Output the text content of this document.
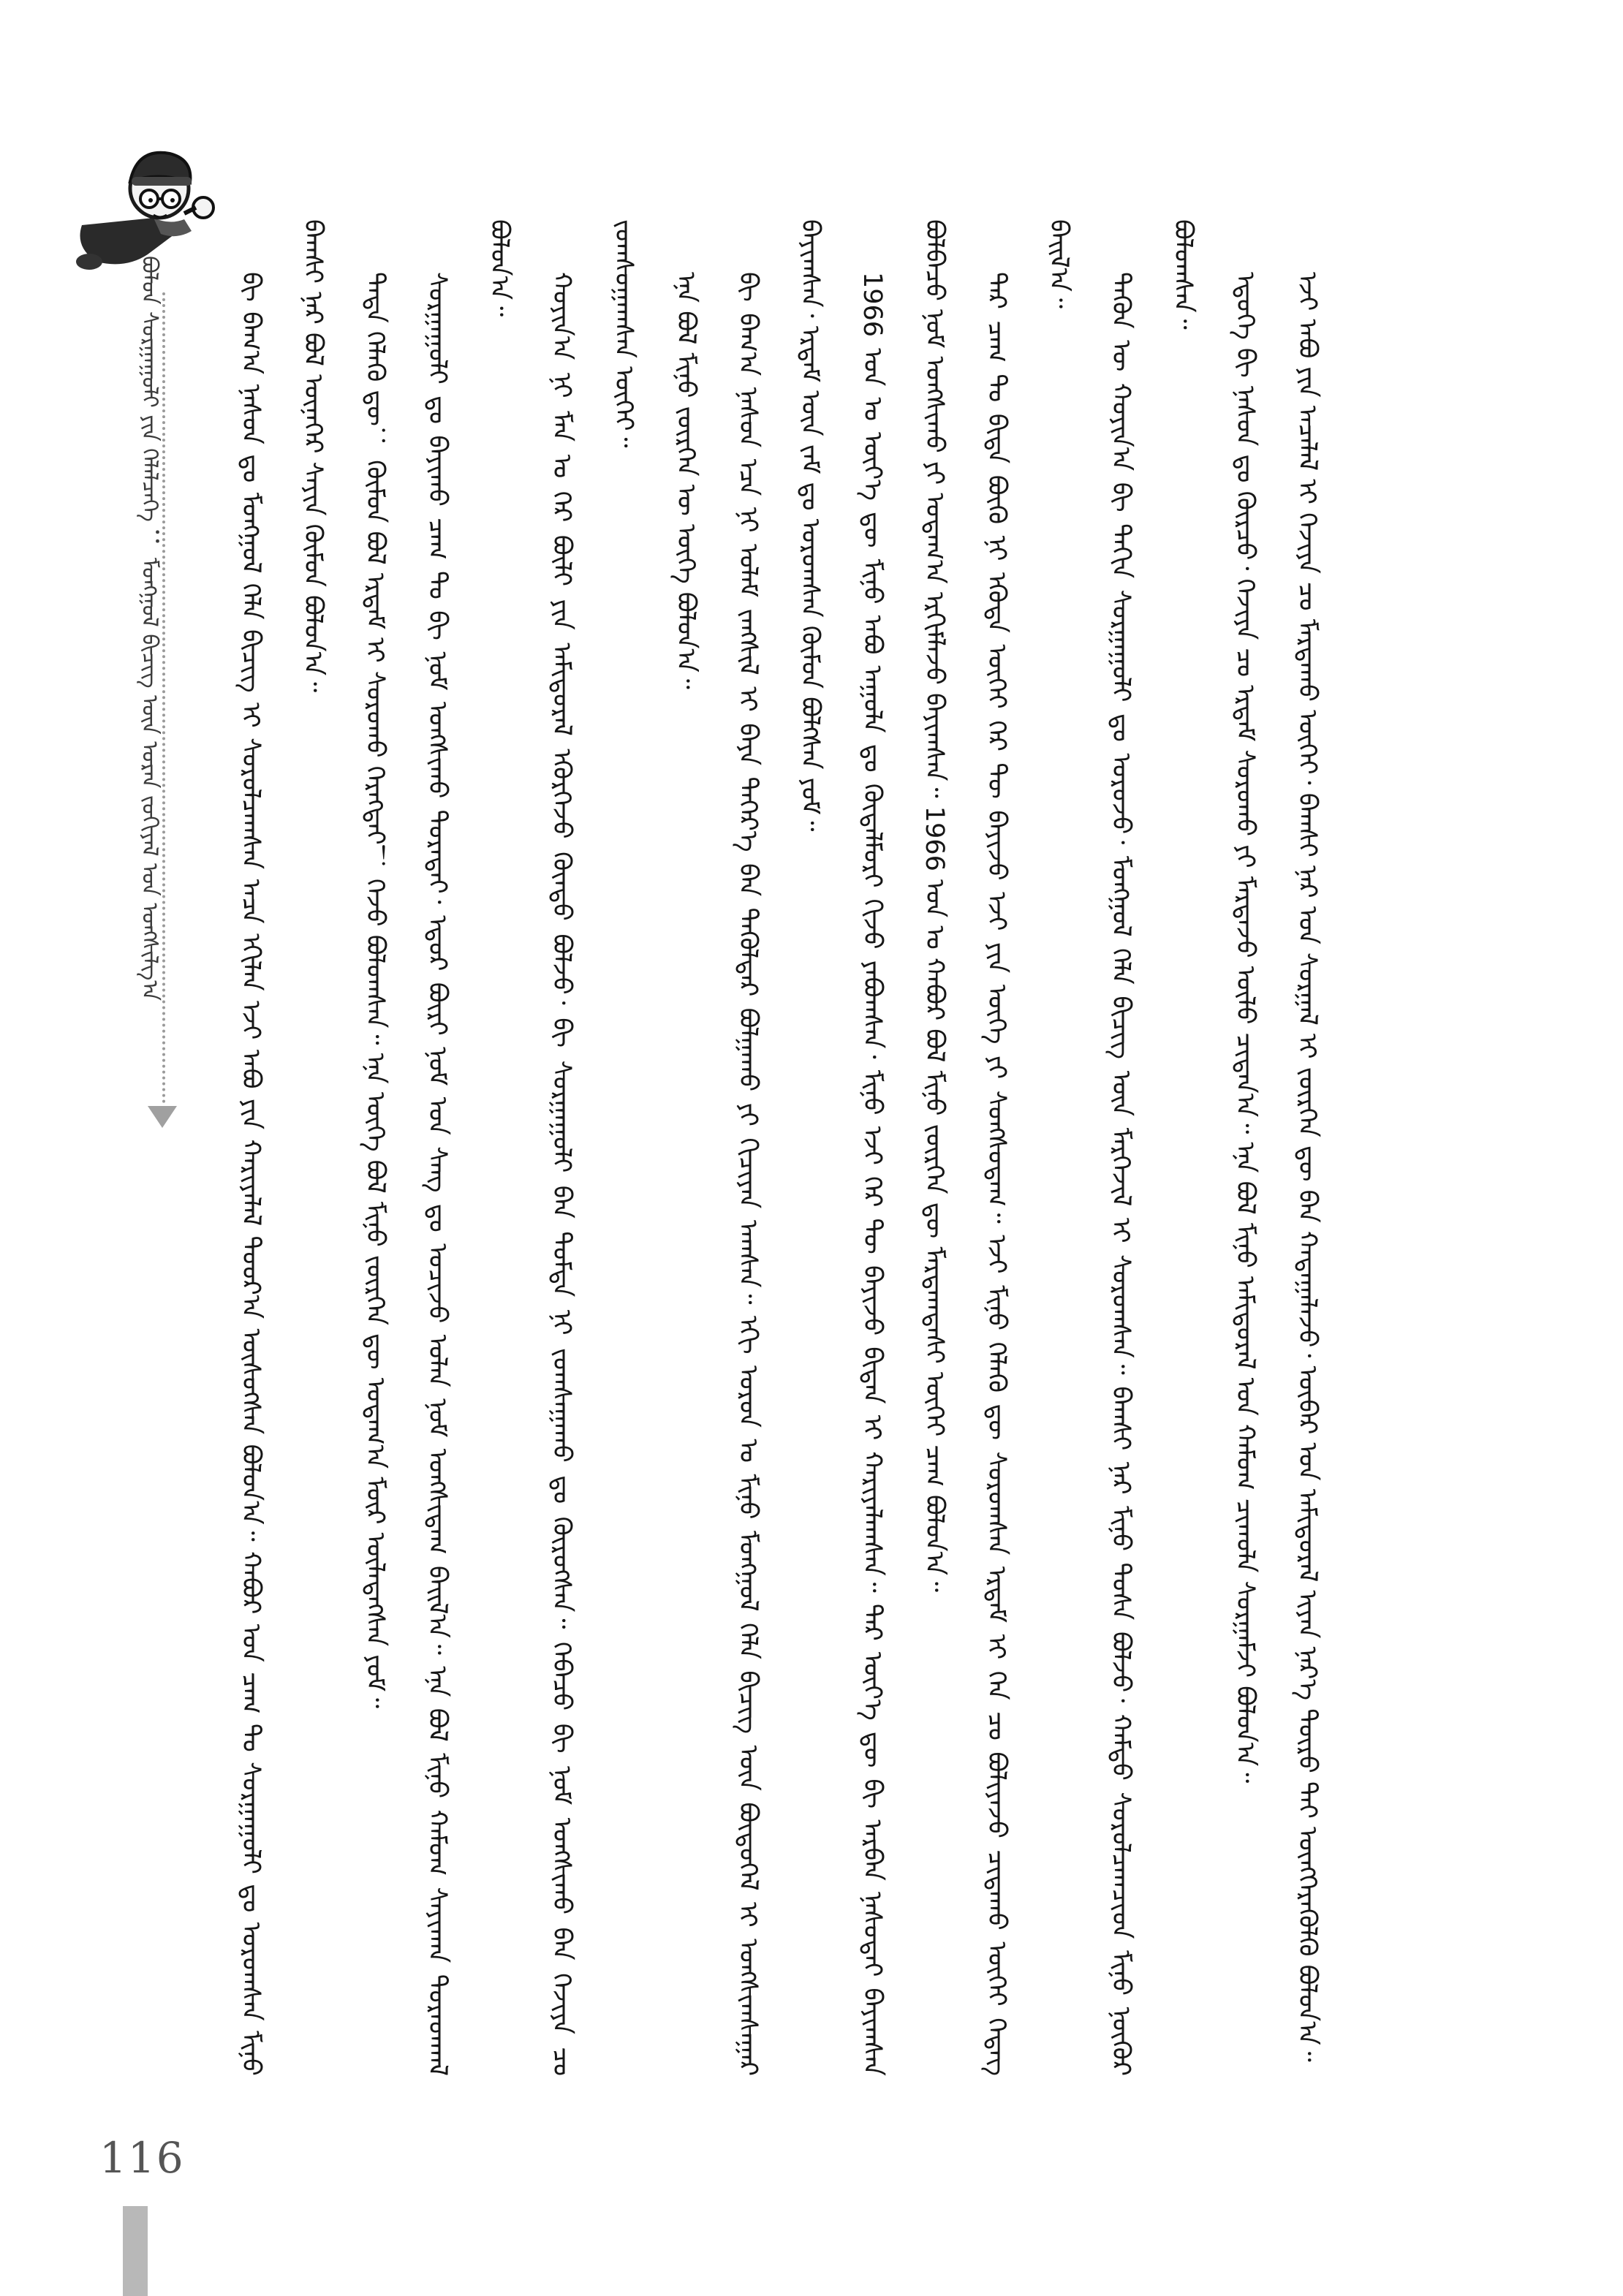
ᠪᠣᠯᠤᠨ ᠰᠤᠷᠭᠠᠭᠤᠯᠢ ᠶᠢᠨ ᠬᠡᠯᠡᠯᠴᠡᠭᠡ ： ᠮᠣᠩᠭᠣᠯ ᠪᠢᠴᠢᠭ ᠦᠨ ᠤᠷᠠᠨ ᠵᠣᠬᠢᠶᠠᠯ ᠤᠨ ᠤᠩᠰᠢᠯᠭ᠎ᠠ	ᠪᠢ ᠪᠠᠭ᠎ᠠ ᠨᠠᠰᠤᠨ ᠳᠤ ᠮᠣᠩᠭᠣᠯ ᠬᠡᠯᠡ ᠪᠢᠴᠢᠭ ᠢ ᠰᠤᠷᠤᠯᠴᠠᠭᠰᠠᠨ ᠠᠴᠠ ᠡᠬᠢᠯᠡᠨ ᠡᠵᠢ ᠠᠪᠤ ᠶᠢᠨ ᠬᠠᠷᠢᠶᠠᠯᠠᠯ ᠳᠣᠣᠷ᠎ᠠ ᠥᠰᠦᠭᠰᠡᠨ ᠪᠣᠯᠤᠨ᠎ᠠ᠃ ᠬᠠᠪᠤᠷ ᠤᠨ ᠴᠠᠭ ᠲᠤ ᠰᠤᠷᠭᠠᠭᠤᠯᠢ ᠳᠤ ᠣᠷᠤᠭᠰᠠᠨ ᠮᠢᠨᠦ ᠪᠠᠭᠰᠢ ᠨᠠᠷ ᠪᠣᠯ ᠦᠨᠡᠬᠡᠷ ᠰᠠᠶᠢᠨ ᠬᠦᠮᠦᠨ ᠪᠣᠯᠤᠨ᠎ᠠ᠃	ᠲᠡᠳᠡ ᠬᠡᠯᠡᠬᠦ ᠳᠦ： ᠬᠦᠮᠦᠨ ᠪᠣᠯ ᠡᠷᠳᠡᠮ ᠢ ᠰᠤᠷᠤᠬᠤ ᠬᠡᠷᠡᠭᠲᠡᠢ！ ᠭᠡᠵᠦ ᠪᠣᠯᠤᠭᠰᠠᠨ᠃ ᠡᠨᠡ ᠦᠭᠡ ᠪᠣᠯ ᠮᠢᠨᠦ ᠵᠦᠷᠬᠡᠨ ᠳᠦ ᠤᠳᠠᠭ᠎ᠠ ᠮᠥᠷ ᠦᠯᠡᠳᠡᠭᠰᠡᠨ ᠶᠤᠮ᠃	ᠰᠤᠷᠭᠠᠭᠤᠯᠢ ᠳᠤ ᠪᠠᠶᠢᠬᠤ ᠴᠠᠭ ᠲᠤ ᠪᠢ ᠨᠣᠮ ᠤᠩᠰᠢᠬᠤ ᠳᠤᠷᠠᠲᠠᠢ᠂ ᠡᠳᠦᠷ ᠪᠦᠷᠢ ᠨᠣᠮ ᠤᠨ ᠰᠠᠩ ᠳᠤ ᠣᠴᠢᠵᠤ ᠣᠯᠠᠨ ᠨᠣᠮ ᠤᠩᠰᠢᠳᠠᠭ ᠪᠠᠢᠯ᠎ᠠ᠃ ᠡᠨᠡ ᠪᠣᠯ ᠮᠢᠨᠦ ᠬᠠᠮᠤᠭ ᠰᠠᠶᠢᠬᠠᠨ ᠳᠤᠷᠠᠳᠬᠠᠯ ᠪᠣᠯᠤᠨ᠎ᠠ᠃

ᠬᠣᠶᠢᠨ᠎ᠠ ᠨᠢ ᠮᠠᠨ ᠤ ᠭᠡᠷ ᠪᠦᠯᠢ ᠶᠢᠨ ᠠᠮᠢᠳᠤᠷᠠᠯ ᠡᠭᠦᠷᠭᠡᠵᠦ ᠬᠦᠨᠳᠦ ᠪᠣᠯᠵᠤ᠂ ᠪᠢ ᠰᠤᠷᠭᠠᠭᠤᠯᠢ ᠪᠠᠨ ᠳᠤᠮᠳᠠ ᠨᠢ ᠵᠣᠭᠰᠠᠭᠠᠬᠤ ᠳᠤ ᠬᠦᠷᠦᠭᠰᠡᠨ᠃ ᠭᠡᠪᠡᠴᠦ ᠪᠢ ᠨᠣᠮ ᠤᠩᠰᠢᠬᠤ ᠪᠠᠨ ᠬᠡᠵᠢᠶᠡ ᠴᠤ ᠵᠣᠭᠰᠣᠭᠠᠭᠰᠠᠨ ᠦᠭᠡᠢ᠃	ᠡᠨᠡ ᠪᠣᠯ ᠮᠢᠨᠦ ᠵᠦᠷᠬᠡᠨ ᠦ ᠦᠭᠡ ᠪᠣᠯᠤᠨ᠎ᠠ᠃	ᠪᠢ ᠪᠠᠭ᠎ᠠ ᠨᠠᠰᠤᠨ ᠡᠴᠡ ᠨᠢ ᠤᠯᠠᠮ ᠵᠠᠩᠰᠢᠯ ᠢ ᠪᠡᠶᠡ ᠳᠡᠭᠡᠷ᠎ᠡ ᠪᠡᠨ ᠲᠡᠭᠦᠯᠳᠡᠷ ᠪᠣᠯᠭᠠᠬᠤ ᠶᠢ ᠬᠢᠴᠢᠶᠡᠨ ᠠᠭᠰᠠᠨ᠃ ᠡᠬᠢ ᠣᠷᠣᠨ ᠤ ᠮᠢᠨᠦ ᠮᠣᠩᠭᠣᠯ ᠬᠡᠯᠡ ᠪᠢᠴᠢᠭ ᠦᠨ ᠪᠦᠲᠦᠭᠡᠯ ᠢ ᠤᠩᠰᠢᠭᠰᠠᠭᠠᠷ ᠪᠠᠶᠢᠭᠰᠠᠨ᠂ ᠡᠷᠳᠡᠮ ᠦᠨ ᠵᠠᠮ ᠳᠤ ᠣᠷᠤᠭᠰᠠᠨ ᠬᠦᠮᠦᠨ ᠪᠣᠯᠭᠰᠠᠨ ᠶᠤᠮ᠃	1966 ᠣᠨ ᠤ ᠦᠶ᠎ᠡ ᠳᠦ ᠮᠢᠨᠦ ᠠᠪᠤ ᠠᠭᠤᠯᠠ ᠳᠤ ᠬᠦᠳᠡᠯᠮᠦᠷᠢ ᠬᠢᠵᠦ ᠶᠠᠪᠤᠭᠰᠠᠨ᠂ ᠮᠢᠨᠦ ᠡᠵᠢ ᠭᠡᠷ ᠲᠦ ᠪᠠᠶᠢᠵᠤ ᠪᠢᠳᠡᠨ ᠢ ᠬᠠᠷᠢᠶᠠᠯᠠᠭᠰᠠᠨ᠃ ᠲᠡᠷ ᠦᠶ᠎ᠡ ᠳᠦ ᠪᠢ ᠠᠷᠪᠠᠨ ᠨᠠᠰᠤᠲᠠᠢ ᠪᠠᠶᠢᠭᠰᠠᠨ ᠪᠣᠯᠪᠠᠴᠤ ᠨᠣᠮ ᠤᠩᠰᠢᠬᠤ ᠶᠢ ᠤᠳᠠᠭ᠎ᠠ ᠡᠷᠬᠢᠮᠯᠡᠵᠦ ᠪᠠᠶᠢᠭᠰᠠᠨ᠃ 1966 ᠣᠨ ᠤ ᠬᠠᠪᠤᠷ ᠪᠣᠯ ᠮᠢᠨᠦ ᠵᠦᠷᠬᠡᠨ ᠳᠦ ᠮᠠᠷᠲᠠᠭᠳᠠᠰᠢ ᠦᠭᠡᠢ ᠴᠠᠭ ᠪᠣᠯᠤᠨ᠎ᠠ᠃	ᠲᠡᠷ ᠴᠠᠭ ᠲᠤ ᠪᠢᠳᠡ ᠪᠦᠬᠦ ᠨᠢ ᠡᠭᠦᠳᠡ ᠦᠭᠡᠢ ᠭᠡᠷ ᠲᠦ ᠪᠠᠶᠢᠵᠤ ᠡᠵᠢ ᠶᠢᠨ ᠦᠭᠡ ᠶᠢ ᠰᠣᠩᠰᠣᠳᠠᠭ᠃ ᠡᠵᠢ ᠮᠢᠨᠦ ᠬᠡᠯᠡᠬᠦ ᠳᠦ ᠰᠤᠷᠤᠭᠰᠠᠨ ᠡᠷᠳᠡᠮ ᠢ ᠬᠡᠨ ᠴᠤ ᠪᠤᠯᠢᠶᠠᠵᠤ ᠴᠢᠳᠠᠬᠤ ᠦᠭᠡᠢ ᠭᠡᠳᠡᠭ ᠪᠠᠢᠯ᠎ᠠ᠃

ᠲᠡᠭᠦᠨ ᠦ ᠬᠣᠶᠢᠨ᠎ᠠ ᠪᠢ ᠳᠠᠬᠢᠨ ᠰᠤᠷᠭᠠᠭᠤᠯᠢ ᠳᠤ ᠣᠷᠤᠵᠤ᠂ ᠮᠣᠩᠭᠣᠯ ᠬᠡᠯᠡ ᠪᠢᠴᠢᠭ ᠦᠨ ᠮᠡᠷᠭᠡᠵᠢᠯ ᠢ ᠰᠤᠷᠤᠭᠰᠠᠨ᠃ ᠪᠠᠭᠰᠢ ᠨᠠᠷ ᠮᠢᠨᠦ ᠲᠤᠰᠠ ᠪᠣᠯᠵᠤ᠂ ᠬᠠᠮᠲᠤ ᠰᠤᠷᠤᠯᠴᠠᠭᠴᠢᠳ ᠮᠢᠨᠦ ᠨᠥᠬᠦᠷ ᠪᠣᠯᠤᠭᠰᠠᠨ᠃	ᠡᠳᠦᠭᠡ ᠪᠢ ᠨᠠᠰᠤᠨ ᠳᠤ ᠬᠦᠷᠴᠦ᠂ ᠬᠡᠵᠢᠶᠡ ᠴᠤ ᠡᠷᠳᠡᠮ ᠰᠤᠷᠤᠬᠤ ᠶᠢ ᠮᠠᠷᠲᠠᠵᠤ ᠦᠯᠦ ᠴᠢᠳᠠᠨ᠎ᠠ᠃ ᠡᠨᠡ ᠪᠣᠯ ᠮᠢᠨᠦ ᠠᠮᠢᠳᠤᠷᠠᠯ ᠤᠨ ᠬᠠᠮᠤᠭ ᠴᠢᠬᠤᠯᠠ ᠰᠤᠷᠭᠠᠮᠵᠢ ᠪᠣᠯᠤᠨ᠎ᠠ᠃	ᠡᠵᠢ ᠠᠪᠤ ᠶᠢᠨ ᠠᠴᠠᠯᠠᠯ ᠢ ᠬᠡᠵᠢᠶᠡ ᠴᠤ ᠮᠠᠷᠲᠠᠬᠤ ᠦᠭᠡᠢ᠂ ᠪᠠᠭᠰᠢ ᠨᠠᠷ ᠤᠨ ᠰᠤᠷᠭᠠᠯ ᠢ ᠵᠦᠷᠬᠡᠨ ᠳᠦ ᠪᠡᠨ ᠬᠠᠳᠠᠭᠠᠯᠠᠵᠤ᠂ ᠥᠪᠡᠷ ᠤᠨ ᠠᠮᠢᠳᠤᠷᠠᠯ ᠢᠶᠠᠨ ᠨᠡᠷ᠎ᠡ ᠲᠥᠷᠦ ᠲᠠᠢ ᠥᠩᠭᠡᠷᠡᠭᠦᠯᠬᠦ ᠪᠣᠯᠤᠨ᠎ᠠ᠃

116
